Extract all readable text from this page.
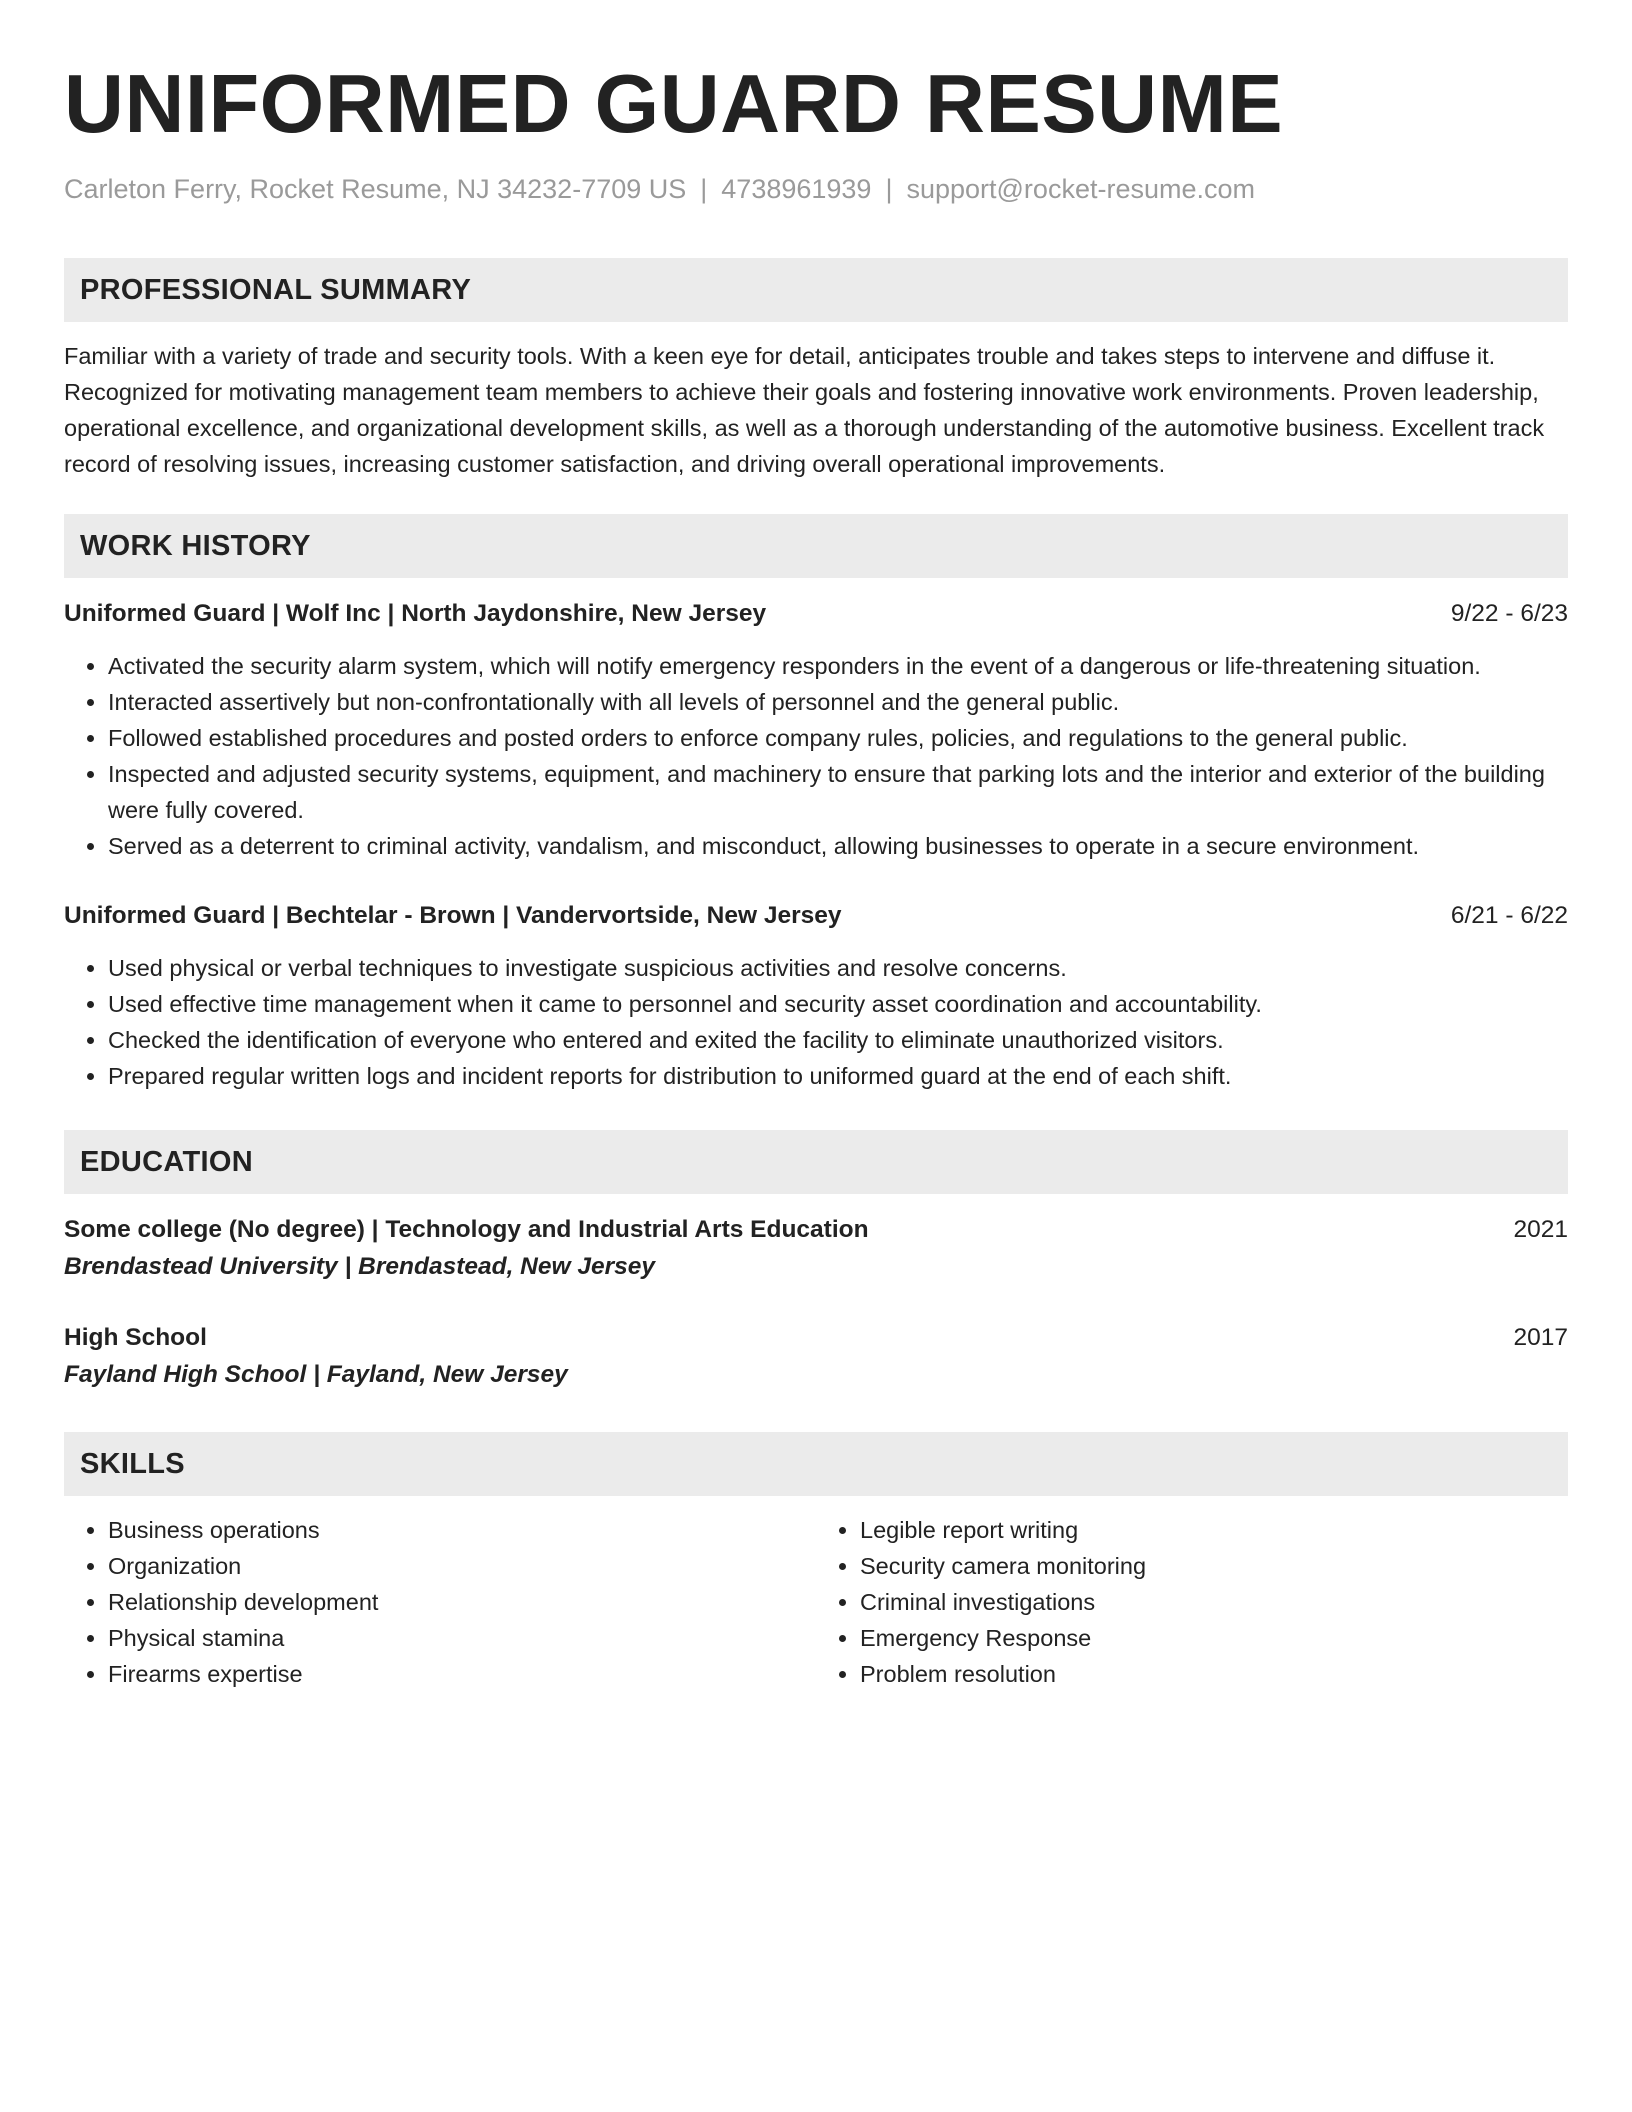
UNIFORMED GUARD RESUME
Carleton Ferry, Rocket Resume, NJ 34232-7709 US | 4738961939 | support@rocket-resume.com
PROFESSIONAL SUMMARY
Familiar with a variety of trade and security tools. With a keen eye for detail, anticipates trouble and takes steps to intervene and diffuse it. Recognized for motivating management team members to achieve their goals and fostering innovative work environments. Proven leadership, operational excellence, and organizational development skills, as well as a thorough understanding of the automotive business. Excellent track record of resolving issues, increasing customer satisfaction, and driving overall operational improvements.
WORK HISTORY
Uniformed Guard | Wolf Inc | North Jaydonshire, New Jersey	9/22 - 6/23
• Activated the security alarm system, which will notify emergency responders in the event of a dangerous or life-threatening situation.
• Interacted assertively but non-confrontationally with all levels of personnel and the general public.
• Followed established procedures and posted orders to enforce company rules, policies, and regulations to the general public.
• Inspected and adjusted security systems, equipment, and machinery to ensure that parking lots and the interior and exterior of the building were fully covered.
• Served as a deterrent to criminal activity, vandalism, and misconduct, allowing businesses to operate in a secure environment.
Uniformed Guard | Bechtelar - Brown | Vandervortside, New Jersey	6/21 - 6/22
• Used physical or verbal techniques to investigate suspicious activities and resolve concerns.
• Used effective time management when it came to personnel and security asset coordination and accountability.
• Checked the identification of everyone who entered and exited the facility to eliminate unauthorized visitors.
• Prepared regular written logs and incident reports for distribution to uniformed guard at the end of each shift.
EDUCATION
Some college (No degree) | Technology and Industrial Arts Education	2021
Brendastead University | Brendastead, New Jersey
High School	2017
Fayland High School | Fayland, New Jersey
SKILLS
• Business operations
• Organization
• Relationship development
• Physical stamina
• Firearms expertise
• Legible report writing
• Security camera monitoring
• Criminal investigations
• Emergency Response
• Problem resolution
